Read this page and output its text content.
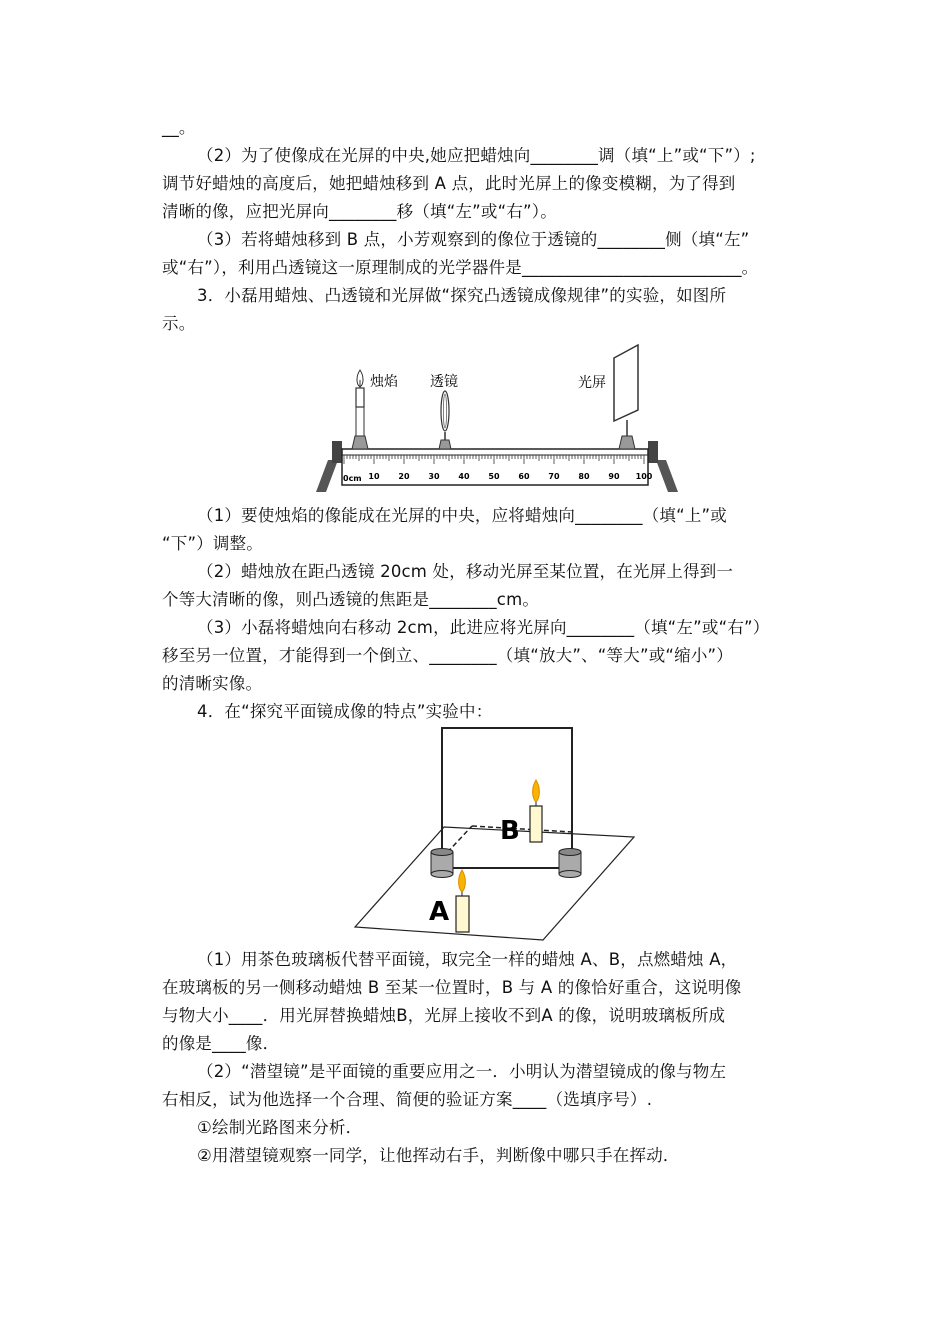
__。
（2）为了使像成在光屏的中央,她应把蜡烛向________调（填“上”或“下”）;
调节好蜡烛的高度后，她把蜡烛移到 A 点，此时光屏上的像变模糊，为了得到
清晰的像，应把光屏向________移（填“左”或“右”）。
（3）若将蜡烛移到 B 点，小芳观察到的像位于透镜的________侧（填“左”
或“右”），利用凸透镜这一原理制成的光学器件是__________________________。
3．小磊用蜡烛、凸透镜和光屏做“探究凸透镜成像规律”的实验，如图所
示。
0cm 10 20 30 40 50 60 70 80 90 100
烛焰 透镜	光屏
（1）要使烛焰的像能成在光屏的中央，应将蜡烛向________（填“上”或
“下”）调整。
（2）蜡烛放在距凸透镜 20cm 处，移动光屏至某位置，在光屏上得到一
个等大清晰的像，则凸透镜的焦距是________cm。
（3）小磊将蜡烛向右移动 2cm，此进应将光屏向________（填“左”或“右”）
移至另一位置，才能得到一个倒立、________（填“放大”、“等大”或“缩小”）
的清晰实像。
4．在“探究平面镜成像的特点”实验中：
B
A
（1）用茶色玻璃板代替平面镜，取完全一样的蜡烛 A、B，点燃蜡烛 A，
在玻璃板的另一侧移动蜡烛 B 至某一位置时，B 与 A 的像恰好重合，这说明像
与物大小____．用光屏替换蜡烛B，光屏上接收不到A 的像，说明玻璃板所成
的像是____像．
（2）“潜望镜”是平面镜的重要应用之一．小明认为潜望镜成的像与物左
右相反，试为他选择一个合理、简便的验证方案____（选填序号）.
①绘制光路图来分析．
②用潜望镜观察一同学，让他挥动右手，判断像中哪只手在挥动．
